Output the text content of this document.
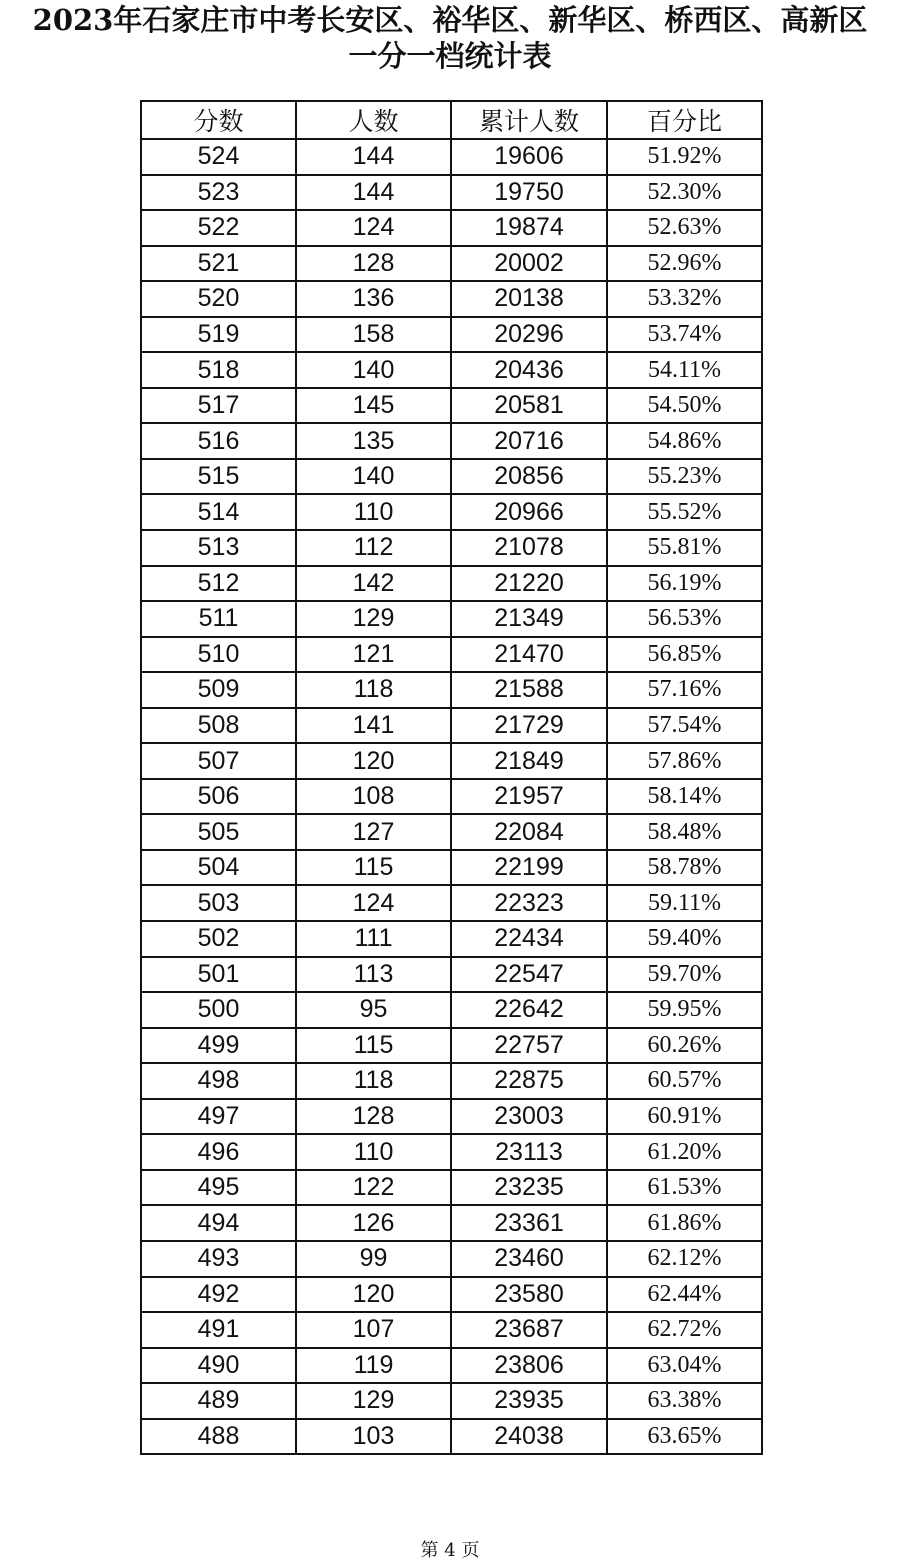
2023年石家庄市中考长安区、裕华区、新华区、桥西区、高新区
一分一档统计表
分数	人数	累计人数	百分比
524	144	19606	51.92%
523	144	19750	52.30%
522	124	19874	52.63%
521	128	20002	52.96%
520	136	20138	53.32%
519	158	20296	53.74%
518	140	20436	54.11%
517	145	20581	54.50%
516	135	20716	54.86%
515	140	20856	55.23%
514	110	20966	55.52%
513	112	21078	55.81%
512	142	21220	56.19%
511	129	21349	56.53%
510	121	21470	56.85%
509	118	21588	57.16%
508	141	21729	57.54%
507	120	21849	57.86%
506	108	21957	58.14%
505	127	22084	58.48%
504	115	22199	58.78%
503	124	22323	59.11%
502	111	22434	59.40%
501	113	22547	59.70%
500	95	22642	59.95%
499	115	22757	60.26%
498	118	22875	60.57%
497	128	23003	60.91%
496	110	23113	61.20%
495	122	23235	61.53%
494	126	23361	61.86%
493	99	23460	62.12%
492	120	23580	62.44%
491	107	23687	62.72%
490	119	23806	63.04%
489	129	23935	63.38%
488	103	24038	63.65%
第 4 页
